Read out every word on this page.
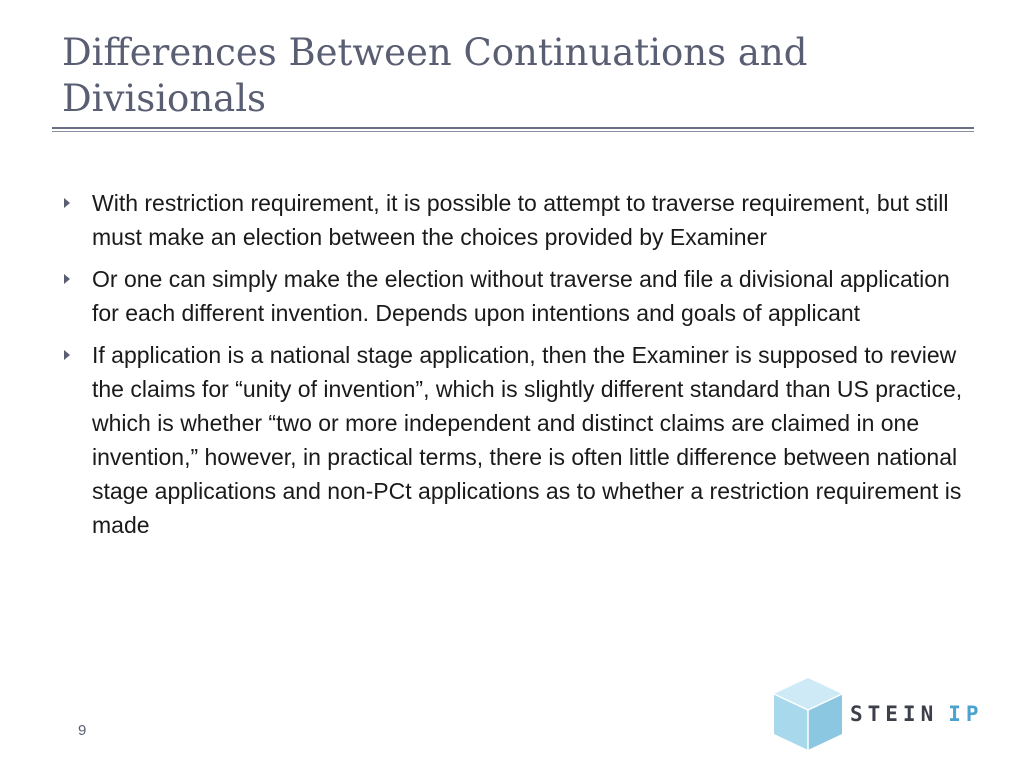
Differences Between Continuations and Divisionals
With restriction requirement, it is possible to attempt to traverse requirement, but still must make an election between the choices provided by Examiner
Or one can simply make the election without traverse and file a divisional application for each different invention. Depends upon intentions and goals of applicant
If application is a national stage application, then the Examiner is supposed to review the claims for “unity of invention”, which is slightly different standard than US practice, which is whether “two or more independent and distinct claims are claimed in one invention,” however, in practical terms, there is often little difference between national stage applications and non-PCt applications as to whether a restriction requirement is made
9
STEIN IP
